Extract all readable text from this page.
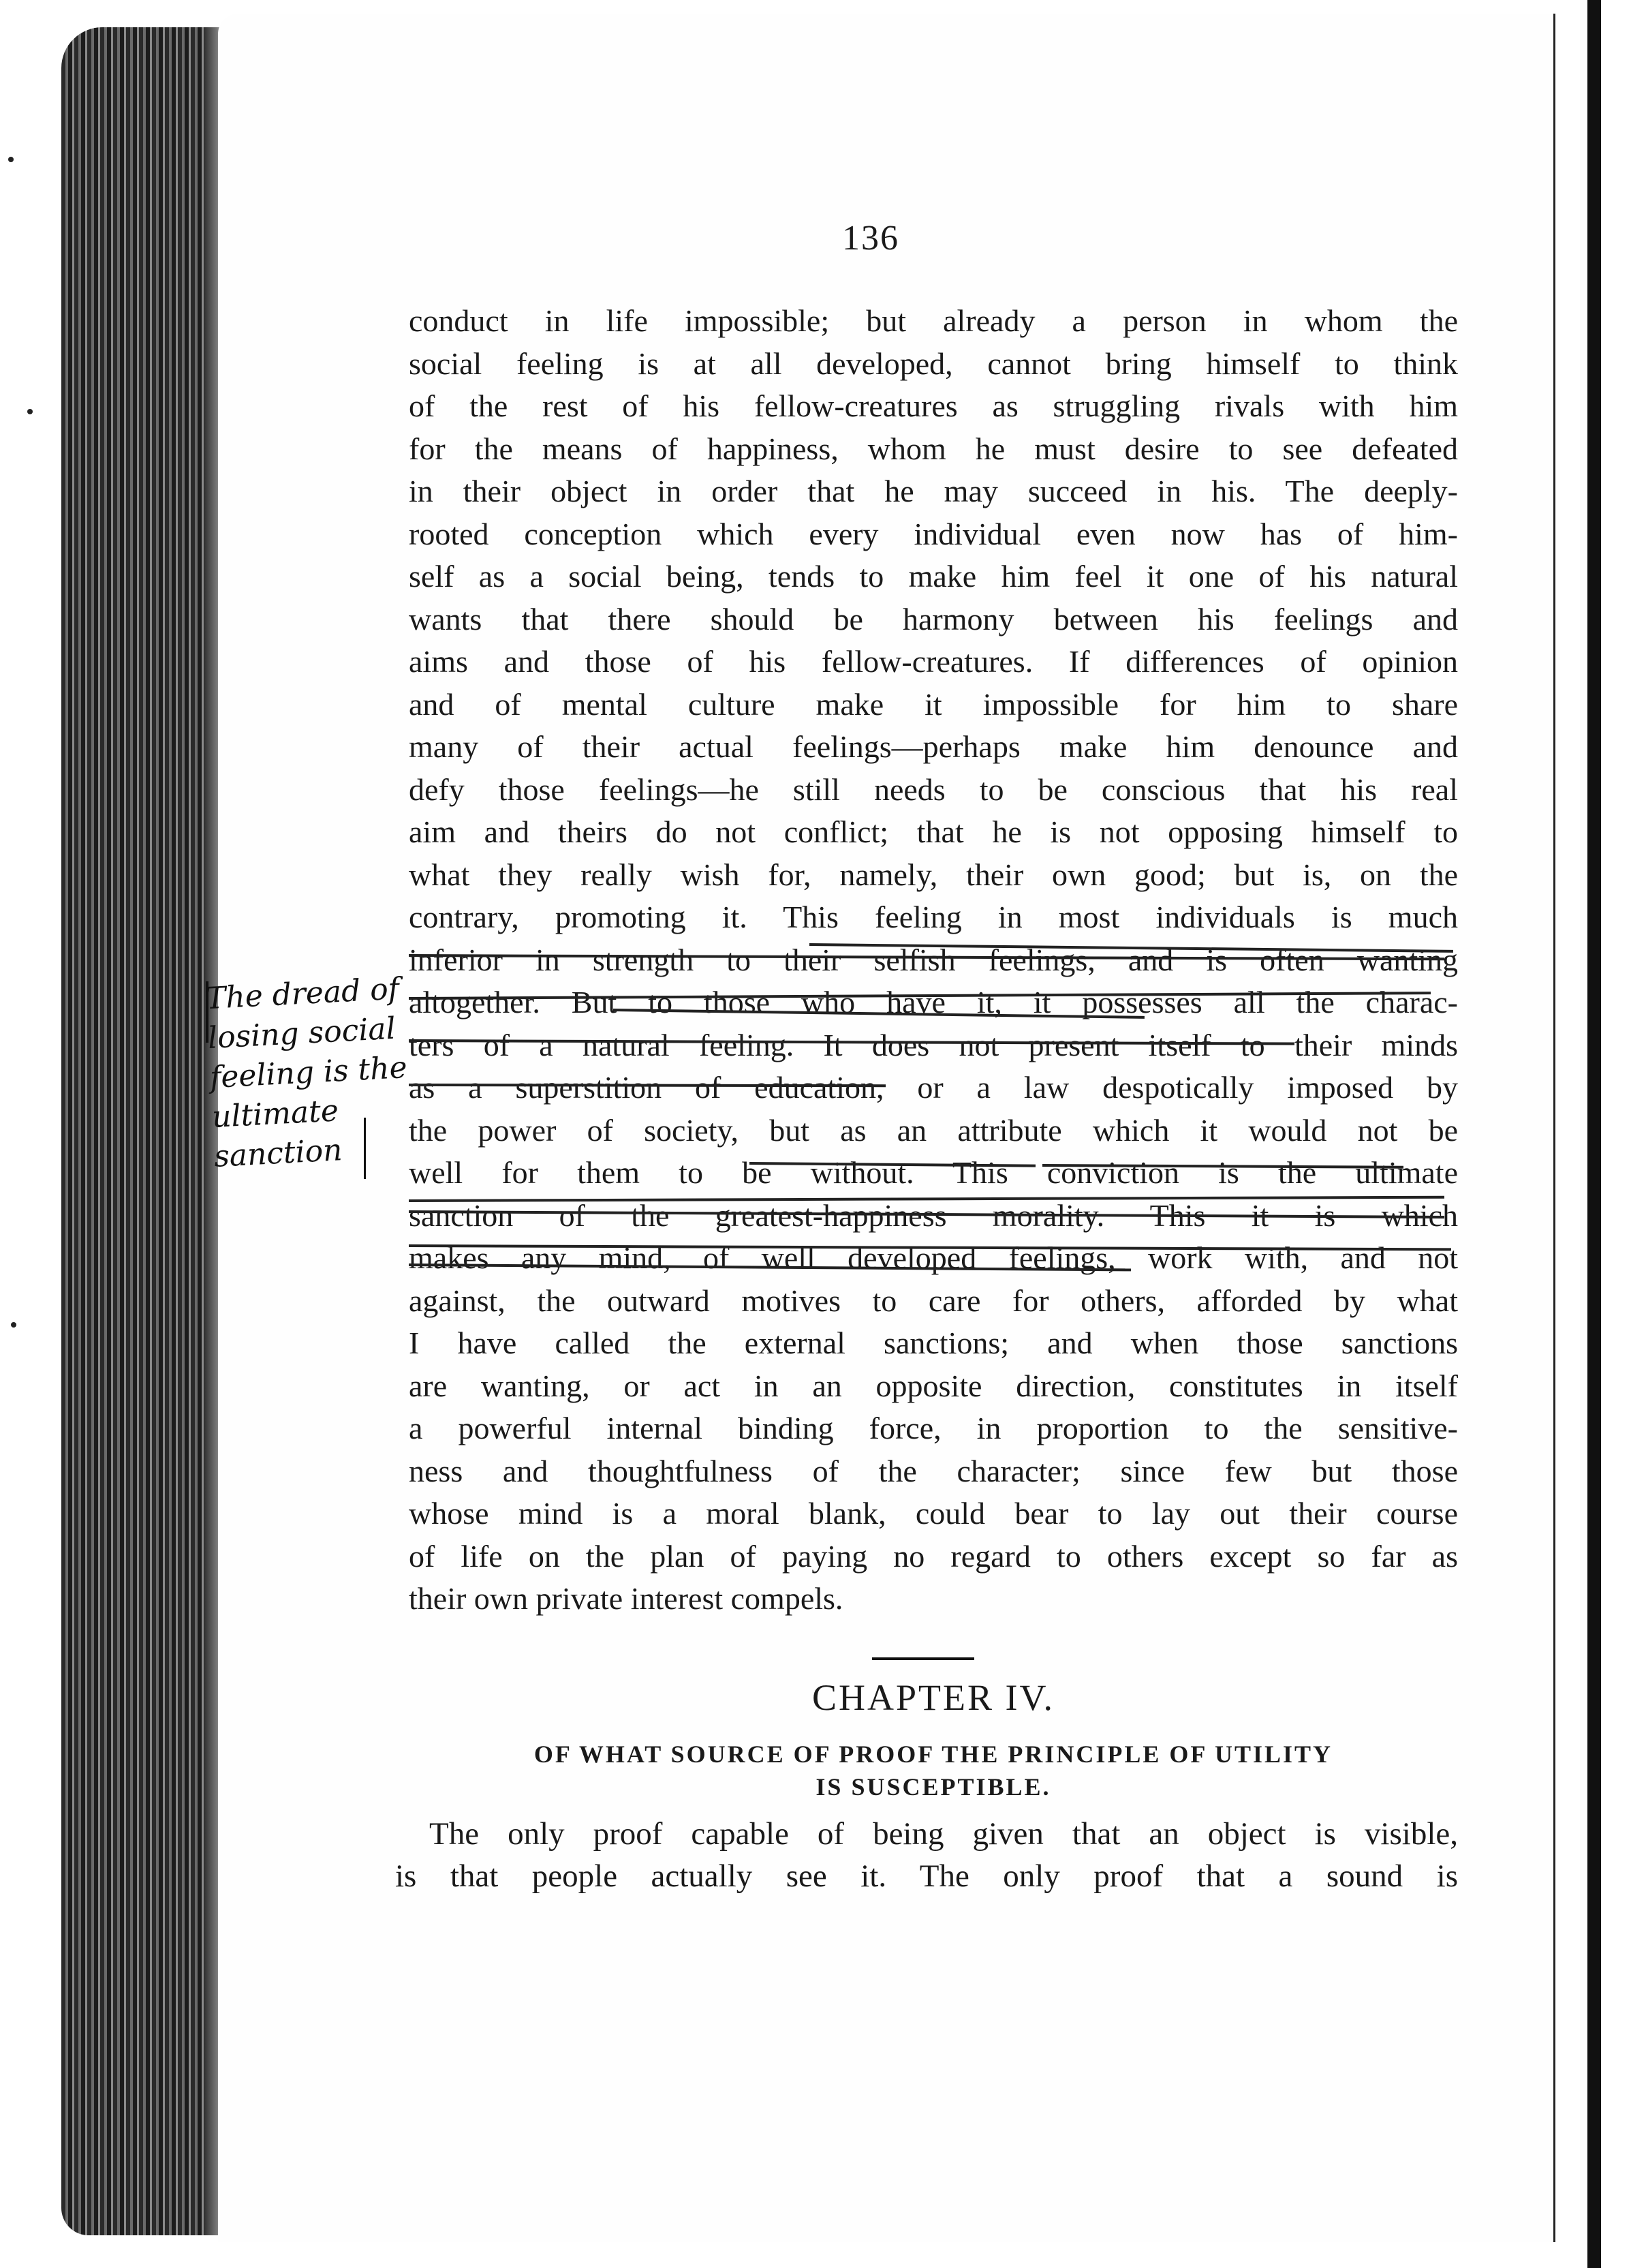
136
conduct in life impossible; but already a person in whom the
social feeling is at all developed, cannot bring himself to think
of the rest of his fellow-creatures as struggling rivals with him
for the means of happiness, whom he must desire to see defeated
in their object in order that he may succeed in his. The deeply-
rooted conception which every individual even now has of him-
self as a social being, tends to make him feel it one of his natural
wants that there should be harmony between his feelings and
aims and those of his fellow-creatures. If differences of opinion
and of mental culture make it impossible for him to share
many of their actual feelings—perhaps make him denounce and
defy those feelings—he still needs to be conscious that his real
aim and theirs do not conflict; that he is not opposing himself to
what they really wish for, namely, their own good; but is, on the
contrary, promoting it. This feeling in most individuals is much
inferior in strength to their selfish feelings, and is often wanting
altogether. But to those who have it, it possesses all the charac-
ters of a natural feeling. It does not present itself to their minds
as a superstition of education, or a law despotically imposed by
the power of society, but as an attribute which it would not be
well for them to be without. This conviction is the ultimate
sanction of the greatest-happiness morality. This it is which
makes any mind, of well developed feelings, work with, and not
against, the outward motives to care for others, afforded by what
I have called the external sanctions; and when those sanctions
are wanting, or act in an opposite direction, constitutes in itself
a powerful internal binding force, in proportion to the sensitive-
ness and thoughtfulness of the character; since few but those
whose mind is a moral blank, could bear to lay out their course
of life on the plan of paying no regard to others except so far as
their own private interest compels.
The dread of
losing social
feeling is the
ultimate
sanction
CHAPTER IV.
OF WHAT SOURCE OF PROOF THE PRINCIPLE OF UTILITY
IS SUSCEPTIBLE.
The only proof capable of being given that an object is visible,
is that people actually see it. The only proof that a sound is
